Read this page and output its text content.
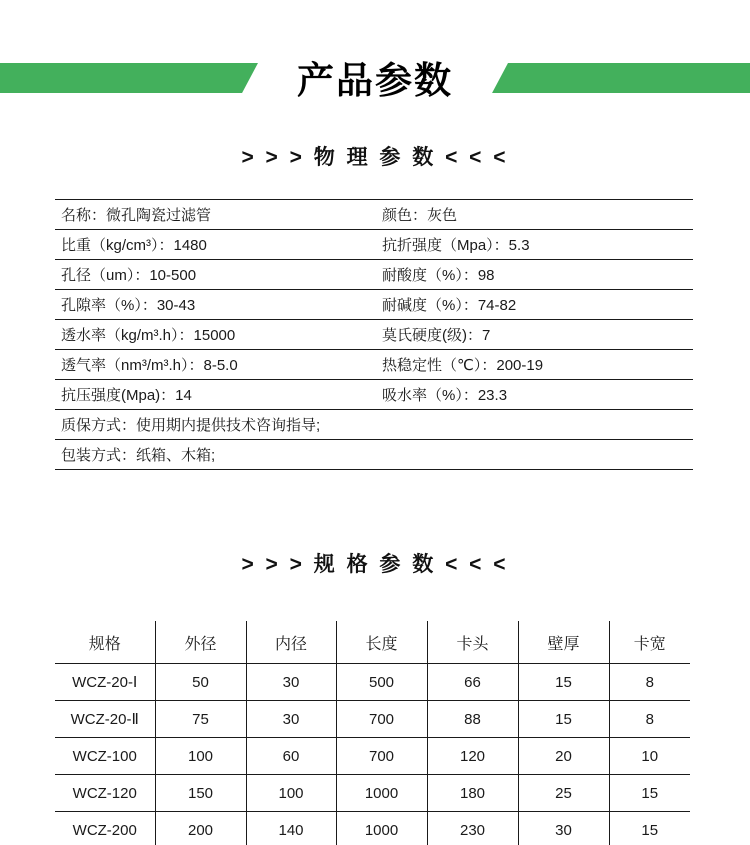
产品参数
> > > 物 理 参 数 < < <
名称：微孔陶瓷过滤管	颜色：灰色
比重（kg/cm³）：1480	抗折强度（Mpa）：5.3
孔径（um）：10-500	耐酸度（%）：98
孔隙率（%）：30-43	耐碱度（%）：74-82
透水率（kg/m³.h）：15000	莫氏硬度(级)：7
透气率（nm³/m³.h）：8-5.0	热稳定性（℃）：200-19
抗压强度(Mpa)：14	吸水率（%）：23.3
质保方式：使用期内提供技术咨询指导;	
包装方式：纸箱、木箱;	
> > > 规 格 参 数 < < <
规格	外径	内径	长度	卡头	壁厚	卡宽
WCZ-20-Ⅰ	50	30	500	66	15	8
WCZ-20-Ⅱ	75	30	700	88	15	8
WCZ-100	100	60	700	120	20	10
WCZ-120	150	100	1000	180	25	15
WCZ-200	200	140	1000	230	30	15
